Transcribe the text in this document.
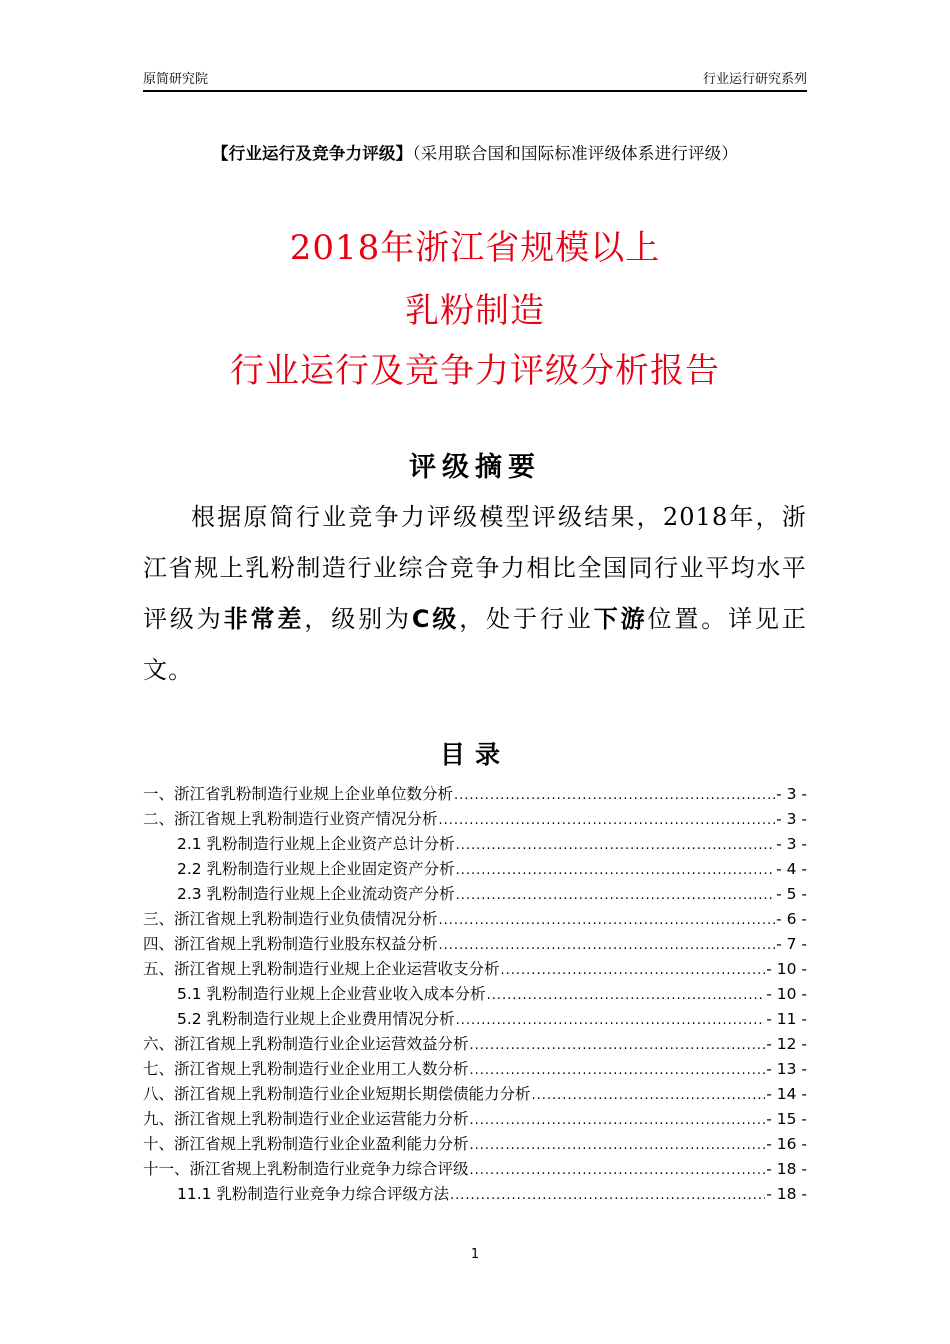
原简研究院	行业运行研究系列
【行业运行及竞争力评级】（采用联合国和国际标准评级体系进行评级）
2018年浙江省规模以上
乳粉制造
行业运行及竞争力评级分析报告
评级摘要
根据原简行业竞争力评级模型评级结果，2018年，浙江省规上乳粉制造行业综合竞争力相比全国同行业平均水平评级为非常差，级别为C级，处于行业下游位置。详见正文。
目录
一、浙江省乳粉制造行业规上企业单位数分析 .....	- 3 -
二、浙江省规上乳粉制造行业资产情况分析 .....	- 3 -
2.1 乳粉制造行业规上企业资产总计分析 .....	- 3 -
2.2 乳粉制造行业规上企业固定资产分析 .....	- 4 -
2.3 乳粉制造行业规上企业流动资产分析 .....	- 5 -
三、浙江省规上乳粉制造行业负债情况分析 .....	- 6 -
四、浙江省规上乳粉制造行业股东权益分析 .....	- 7 -
五、浙江省规上乳粉制造行业规上企业运营收支分析 .....	- 10 -
5.1 乳粉制造行业规上企业营业收入成本分析 .....	- 10 -
5.2 乳粉制造行业规上企业费用情况分析 .....	- 11 -
六、浙江省规上乳粉制造行业企业运营效益分析 .....	- 12 -
七、浙江省规上乳粉制造行业企业用工人数分析 .....	- 13 -
八、浙江省规上乳粉制造行业企业短期长期偿债能力分析 .....	- 14 -
九、浙江省规上乳粉制造行业企业运营能力分析 .....	- 15 -
十、浙江省规上乳粉制造行业企业盈利能力分析 .....	- 16 -
十一、浙江省规上乳粉制造行业竞争力综合评级 .....	- 18 -
11.1 乳粉制造行业竞争力综合评级方法 .....	- 18 -
1
